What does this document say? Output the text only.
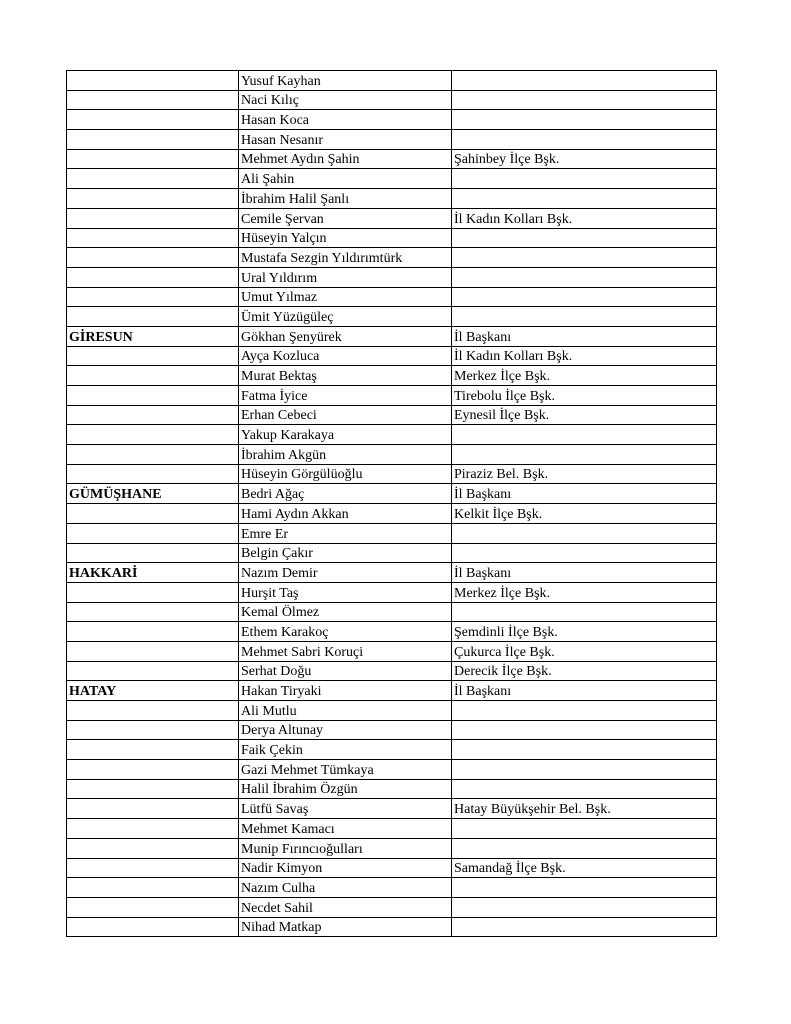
	Yusuf Kayhan	
	Naci Kılıç	
	Hasan Koca	
	Hasan Nesanır	
	Mehmet Aydın Şahin	Şahinbey İlçe Bşk.
	Ali Şahin	
	İbrahim Halil Şanlı	
	Cemile Şervan	İl Kadın Kolları Bşk.
	Hüseyin Yalçın	
	Mustafa Sezgin Yıldırımtürk	
	Ural Yıldırım	
	Umut Yılmaz	
	Ümit Yüzügüleç	
GİRESUN	Gökhan Şenyürek	İl Başkanı
	Ayça Kozluca	İl Kadın Kolları Bşk.
	Murat Bektaş	Merkez İlçe Bşk.
	Fatma İyice	Tirebolu İlçe Bşk.
	Erhan Cebeci	Eynesil İlçe Bşk.
	Yakup Karakaya	
	İbrahim Akgün	
	Hüseyin Görgülüoğlu	Piraziz Bel. Bşk.
GÜMÜŞHANE	Bedri Ağaç	İl Başkanı
	Hami Aydın Akkan	Kelkit İlçe Bşk.
	Emre Er	
	Belgin Çakır	
HAKKARİ	Nazım Demir	İl Başkanı
	Hurşit Taş	Merkez İlçe Bşk.
	Kemal Ölmez	
	Ethem Karakoç	Şemdinli İlçe Bşk.
	Mehmet Sabri Koruçi	Çukurca İlçe Bşk.
	Serhat Doğu	Derecik İlçe Bşk.
HATAY	Hakan Tiryaki	İl Başkanı
	Ali Mutlu	
	Derya Altunay	
	Faik Çekin	
	Gazi Mehmet Tümkaya	
	Halil İbrahim Özgün	
	Lütfü Savaş	Hatay Büyükşehir Bel. Bşk.
	Mehmet Kamacı	
	Munip Fırıncıoğulları	
	Nadir Kimyon	Samandağ İlçe Bşk.
	Nazım Culha	
	Necdet Sahil	
	Nihad Matkap	
